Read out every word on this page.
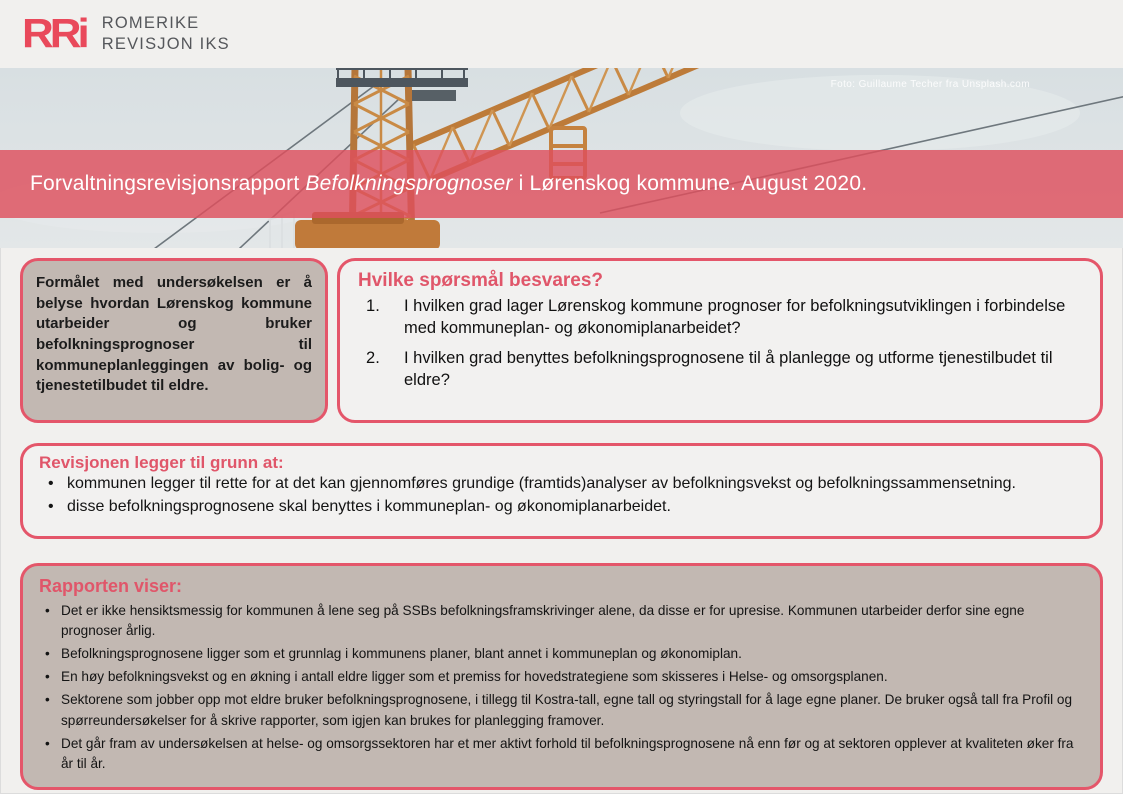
RRi ROMERIKE
REVISJON IKS
Foto: Guillaume Techer fra Unsplash.com
Forvaltningsrevisjonsrapport Befolkningsprognoser i Lørenskog kommune. August 2020.
Formålet med undersøkelsen er å belyse hvordan Lørenskog kommune utarbeider og bruker befolkningsprognoser til kommuneplanleggingen av bolig- og tjenestetilbudet til eldre.
Hvilke spørsmål besvares?
I hvilken grad lager Lørenskog kommune prognoser for befolkningsutviklingen i forbindelse med kommuneplan- og økonomiplanarbeidet?
I hvilken grad benyttes befolkningsprognosene til å planlegge og utforme tjenestilbudet til eldre?
Revisjonen legger til grunn at:
• kommunen legger til rette for at det kan gjennomføres grundige (framtids)analyser av befolkningsvekst og befolkningssammensetning.
• disse befolkningsprognosene skal benyttes i kommuneplan- og økonomiplanarbeidet.
Rapporten viser:
• Det er ikke hensiktsmessig for kommunen å lene seg på SSBs befolkningsframskrivinger alene, da disse er for upresise. Kommunen utarbeider derfor sine egne prognoser årlig.
• Befolkningsprognosene ligger som et grunnlag i kommunens planer, blant annet i kommuneplan og økonomiplan.
• En høy befolkningsvekst og en økning i antall eldre ligger som et premiss for hovedstrategiene som skisseres i Helse- og omsorgsplanen.
• Sektorene som jobber opp mot eldre bruker befolkningsprognosene, i tillegg til Kostra-tall, egne tall og styringstall for å lage egne planer. De bruker også tall fra Profil og spørreundersøkelser for å skrive rapporter, som igjen kan brukes for planlegging framover.
• Det går fram av undersøkelsen at helse- og omsorgssektoren har et mer aktivt forhold til befolkningsprognosene nå enn før og at sektoren opplever at kvaliteten øker fra år til år.
